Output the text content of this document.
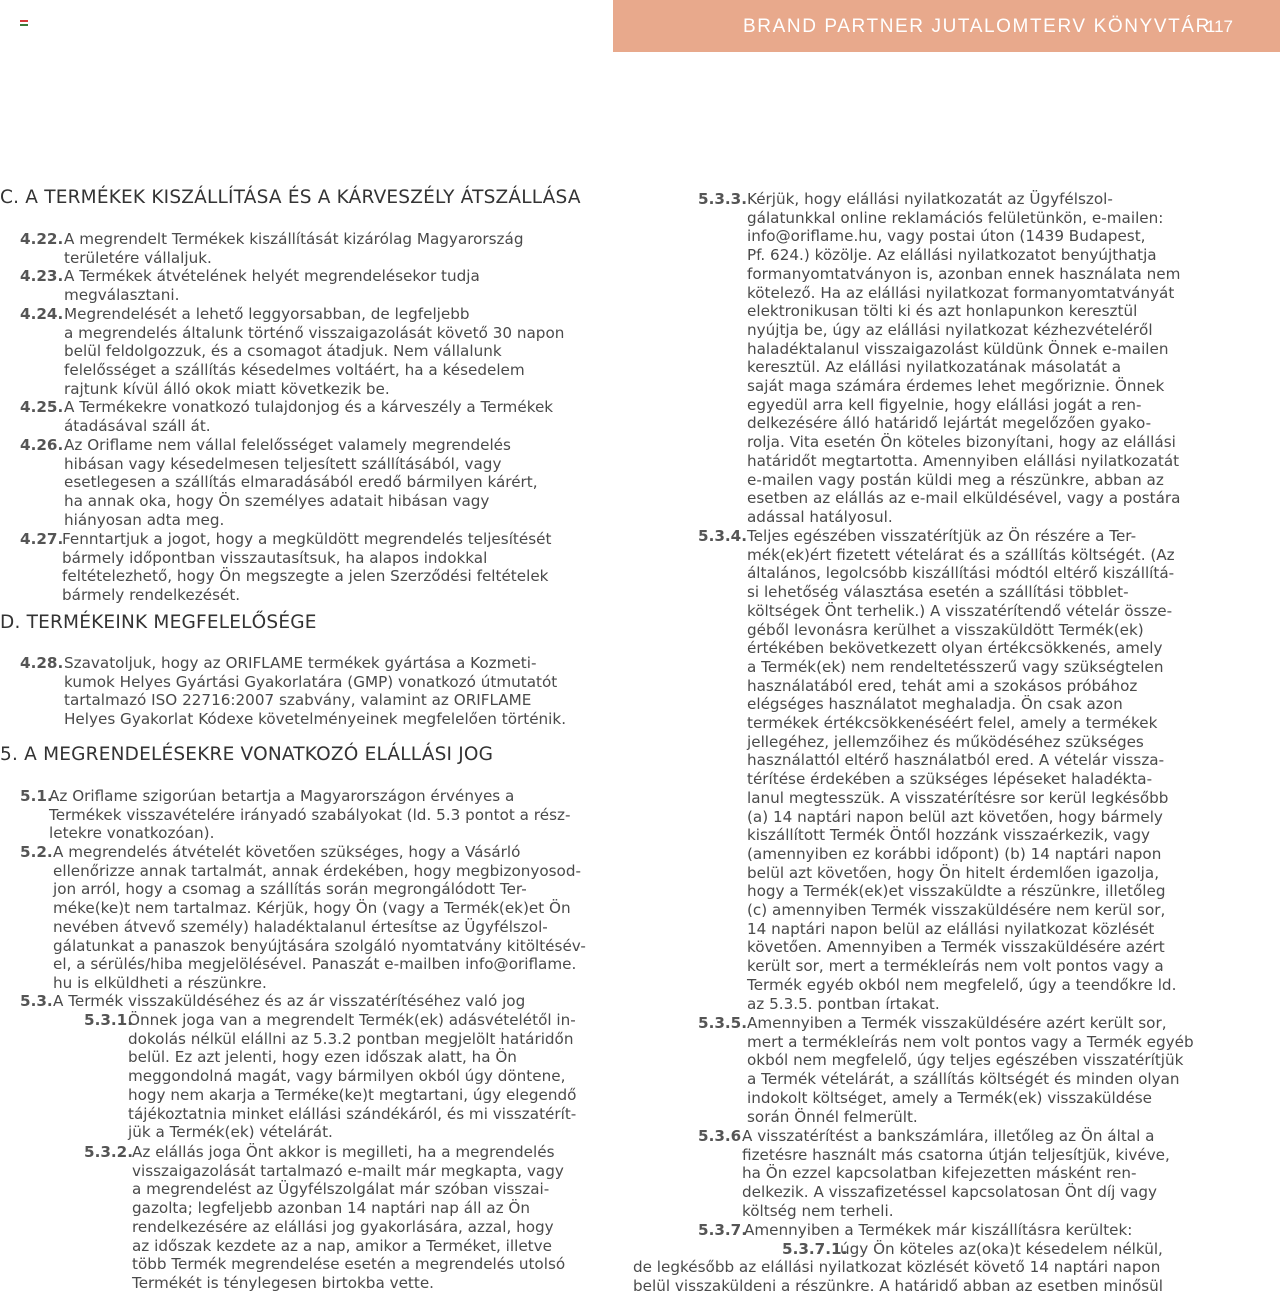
BRAND PARTNER JUTALOMTERV KÖNYVTÁR
117
C. A TERMÉKEK KISZÁLLÍTÁSA ÉS A KÁRVESZÉLY ÁTSZÁLLÁSA
4.22. A megrendelt Termékek kiszállítását kizárólag Magyarország
területére vállaljuk.
4.23. A Termékek átvételének helyét megrendelésekor tudja
megválasztani.
4.24. Megrendelését a lehető leggyorsabban, de legfeljebb
a megrendelés általunk történő visszaigazolását követő 30 napon
belül feldolgozzuk, és a csomagot átadjuk. Nem vállalunk
felelősséget a szállítás késedelmes voltáért, ha a késedelem
rajtunk kívül álló okok miatt következik be.
4.25. A Termékekre vonatkozó tulajdonjog és a kárveszély a Termékek
átadásával száll át.
4.26. Az Oriflame nem vállal felelősséget valamely megrendelés
hibásan vagy késedelmesen teljesített szállításából, vagy
esetlegesen a szállítás elmaradásából eredő bármilyen kárért,
ha annak oka, hogy Ön személyes adatait hibásan vagy
hiányosan adta meg.
4.27.
Fenntartjuk a jogot, hogy a megküldött megrendelés teljesítését
bármely időpontban visszautasítsuk, ha alapos indokkal
feltételezhető, hogy Ön megszegte a jelen Szerződési feltételek
bármely rendelkezését.
D. TERMÉKEINK MEGFELELŐSÉGE
4.28. Szavatoljuk, hogy az ORIFLAME termékek gyártása a Kozmeti-
kumok Helyes Gyártási Gyakorlatára (GMP) vonatkozó útmutatót
tartalmazó ISO 22716:2007 szabvány, valamint az ORIFLAME
Helyes Gyakorlat Kódexe követelményeinek megfelelően történik.
5. A MEGRENDELÉSEKRE VONATKOZÓ ELÁLLÁSI JOG
5.1.
Az Oriflame szigorúan betartja a Magyarországon érvényes a
Termékek visszavételére irányadó szabályokat (ld. 5.3 pontot a rész-
letekre vonatkozóan).
5.2. A megrendelés átvételét követően szükséges, hogy a Vásárló
ellenőrizze annak tartalmát, annak érdekében, hogy megbizonyosod-
jon arról, hogy a csomag a szállítás során megrongálódott Ter-
méke(ke)t nem tartalmaz. Kérjük, hogy Ön (vagy a Termék(ek)et Ön
nevében átvevő személy) haladéktalanul értesítse az Ügyfélszol-
gálatunkat a panaszok benyújtására szolgáló nyomtatvány kitöltésév-
el, a sérülés/hiba megjelölésével. Panaszát e-mailben info@oriflame.
hu is elküldheti a részünkre.
5.3. A Termék visszaküldéséhez és az ár visszatérítéséhez való jog
5.3.1.
Önnek joga van a megrendelt Termék(ek) adásvételétől in-
dokolás nélkül elállni az 5.3.2 pontban megjelölt határidőn
belül. Ez azt jelenti, hogy ezen időszak alatt, ha Ön
meggondolná magát, vagy bármilyen okból úgy döntene,
hogy nem akarja a Terméke(ke)t megtartani, úgy elegendő
tájékoztatnia minket elállási szándékáról, és mi visszatérít-
jük a Termék(ek) vételárát.
5.3.2.
Az elállás joga Önt akkor is megilleti, ha a megrendelés
visszaigazolását tartalmazó e-mailt már megkapta, vagy
a megrendelést az Ügyfélszolgálat már szóban visszai-
gazolta; legfeljebb azonban 14 naptári nap áll az Ön
rendelkezésére az elállási jog gyakorlására, azzal, hogy
az időszak kezdete az a nap, amikor a Terméket, illetve
több Termék megrendelése esetén a megrendelés utolsó
Termékét is ténylegesen birtokba vette.
5.3.3. Kérjük, hogy elállási nyilatkozatát az Ügyfélszol-
gálatunkkal online reklamációs felületünkön, e-mailen:
info@oriflame.hu, vagy postai úton (1439 Budapest,
Pf. 624.) közölje. Az elállási nyilatkozatot benyújthatja
formanyomtatványon is, azonban ennek használata nem
kötelező. Ha az elállási nyilatkozat formanyomtatványát
elektronikusan tölti ki és azt honlapunkon keresztül
nyújtja be, úgy az elállási nyilatkozat kézhezvételéről
haladéktalanul visszaigazolást küldünk Önnek e-mailen
keresztül. Az elállási nyilatkozatának másolatát a
saját maga számára érdemes lehet megőriznie. Önnek
egyedül arra kell figyelnie, hogy elállási jogát a ren-
delkezésére álló határidő lejártát megelőzően gyako-
rolja. Vita esetén Ön köteles bizonyítani, hogy az elállási
határidőt megtartotta. Amennyiben elállási nyilatkozatát
e-mailen vagy postán küldi meg a részünkre, abban az
esetben az elállás az e-mail elküldésével, vagy a postára
adással hatályosul.
5.3.4. Teljes egészében visszatérítjük az Ön részére a Ter-
mék(ek)ért fizetett vételárat és a szállítás költségét. (Az
általános, legolcsóbb kiszállítási módtól eltérő kiszállítá-
si lehetőség választása esetén a szállítási többlet-
költségek Önt terhelik.) A visszatérítendő vételár össze-
géből levonásra kerülhet a visszaküldött Termék(ek)
értékében bekövetkezett olyan értékcsökkenés, amely
a Termék(ek) nem rendeltetésszerű vagy szükségtelen
használatából ered, tehát ami a szokásos próbához
elégséges használatot meghaladja. Ön csak azon
termékek értékcsökkenéséért felel, amely a termékek
jellegéhez, jellemzőihez és működéséhez szükséges
használattól eltérő használatból ered. A vételár vissza-
térítése érdekében a szükséges lépéseket haladékta-
lanul megtesszük. A visszatérítésre sor kerül legkésőbb
(a) 14 naptári napon belül azt követően, hogy bármely
kiszállított Termék Öntől hozzánk visszaérkezik, vagy
(amennyiben ez korábbi időpont) (b) 14 naptári napon
belül azt követően, hogy Ön hitelt érdemlően igazolja,
hogy a Termék(ek)et visszaküldte a részünkre, illetőleg
(c) amennyiben Termék visszaküldésére nem kerül sor,
14 naptári napon belül az elállási nyilatkozat közlését
követően. Amennyiben a Termék visszaküldésére azért
került sor, mert a termékleírás nem volt pontos vagy a
Termék egyéb okból nem megfelelő, úgy a teendőkre ld.
az 5.3.5. pontban írtakat.
5.3.5. Amennyiben a Termék visszaküldésére azért került sor,
mert a termékleírás nem volt pontos vagy a Termék egyéb
okból nem megfelelő, úgy teljes egészében visszatérítjük
a Termék vételárát, a szállítás költségét és minden olyan
indokolt költséget, amely a Termék(ek) visszaküldése
során Önnél felmerült.
5.3.6 A visszatérítést a bankszámlára, illetőleg az Ön által a
fizetésre használt más csatorna útján teljesítjük, kivéve,
ha Ön ezzel kapcsolatban kifejezetten másként ren-
delkezik. A visszafizetéssel kapcsolatosan Önt díj vagy
költség nem terheli.
5.3.7.
Amennyiben a Termékek már kiszállításra kerültek:
5.3.7.1.
úgy Ön köteles az(oka)t késedelem nélkül,
de legkésőbb az elállási nyilatkozat közlését követő 14 naptári napon
belül visszaküldeni a részünkre. A határidő abban az esetben minősül
